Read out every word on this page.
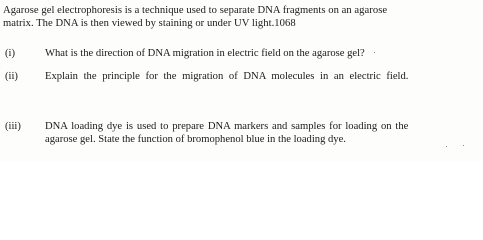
Agarose gel electrophoresis is a technique used to separate DNA fragments on an agarose
matrix. The DNA is then viewed by staining or under UV light.1068
(i)	What is the direction of DNA migration in electric field on the agarose gel?
(ii)	Explain the principle for the migration of DNA molecules in an electric field.
(iii) DNA loading dye is used to prepare DNA markers and samples for loading on the
agarose gel. State the function of bromophenol blue in the loading dye.
